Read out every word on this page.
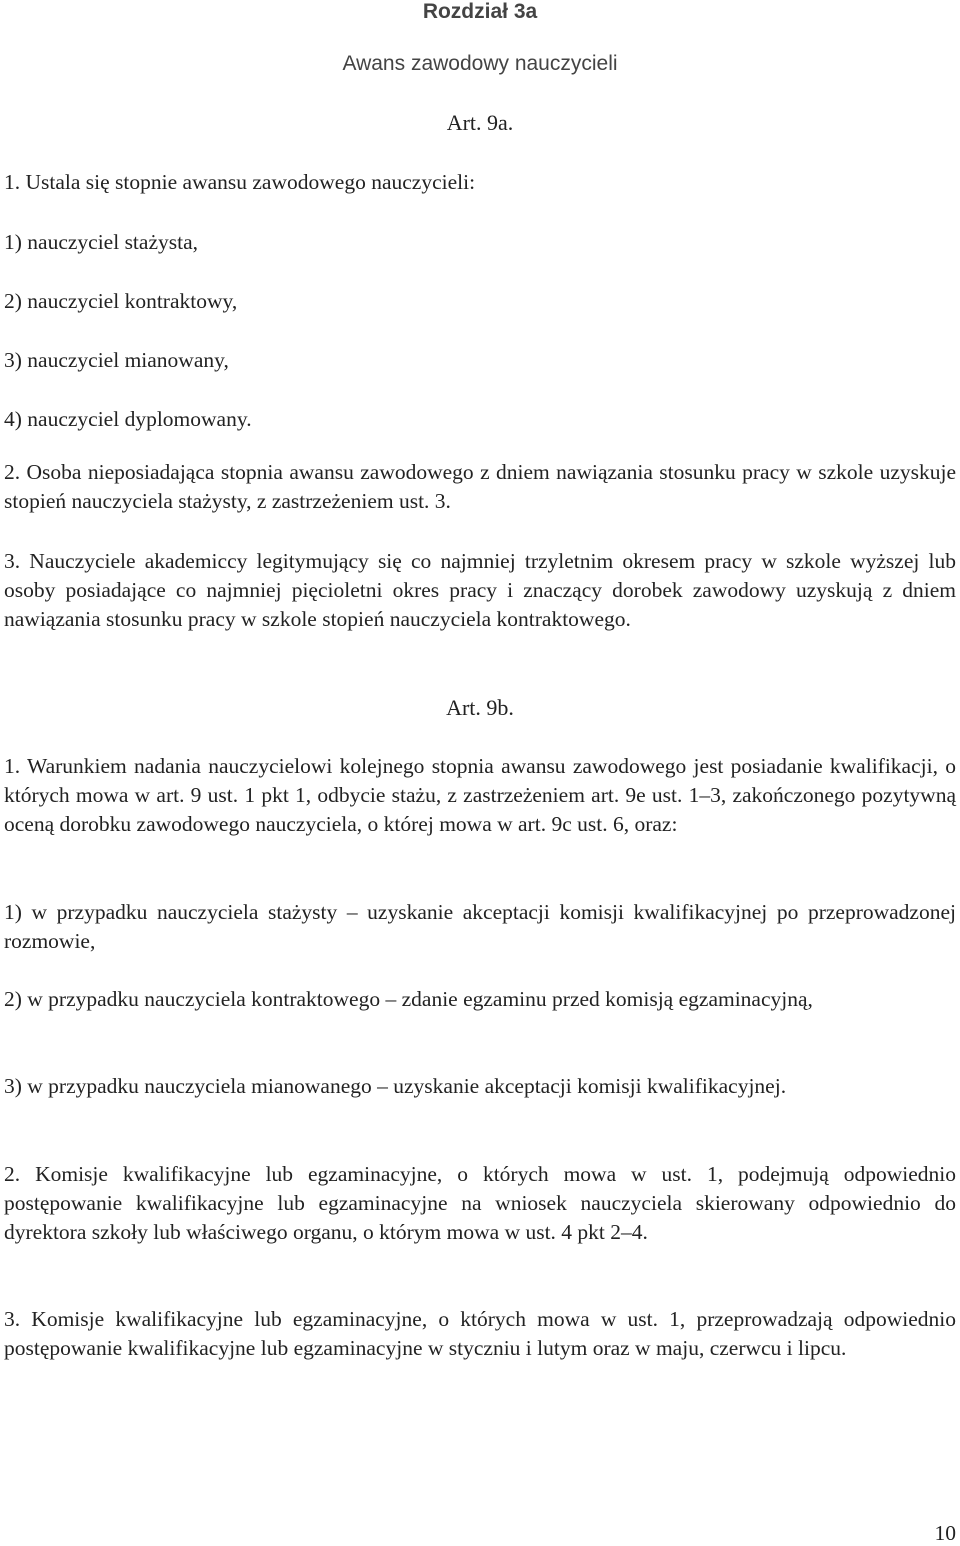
Rozdział 3a
Awans zawodowy nauczycieli
Art. 9a.
1. Ustala się stopnie awansu zawodowego nauczycieli:
1) nauczyciel stażysta,
2) nauczyciel kontraktowy,
3) nauczyciel mianowany,
4) nauczyciel dyplomowany.
2. Osoba nieposiadająca stopnia awansu zawodowego z dniem nawiązania stosunku pracy w szkole uzyskuje stopień nauczyciela stażysty, z zastrzeżeniem ust. 3.
3. Nauczyciele akademiccy legitymujący się co najmniej trzyletnim okresem pracy w szkole wyższej lub osoby posiadające co najmniej pięcioletni okres pracy i znaczący dorobek zawodowy uzyskują z dniem nawiązania stosunku pracy w szkole stopień nauczyciela kontraktowego.
Art. 9b.
1. Warunkiem nadania nauczycielowi kolejnego stopnia awansu zawodowego jest posiadanie kwalifikacji, o których mowa w art. 9 ust. 1 pkt 1, odbycie stażu, z zastrzeżeniem art. 9e ust. 1–3, zakończonego pozytywną oceną dorobku zawodowego nauczyciela, o której mowa w art. 9c ust. 6, oraz:
1) w przypadku nauczyciela stażysty – uzyskanie akceptacji komisji kwalifikacyjnej po przeprowadzonej rozmowie,
2) w przypadku nauczyciela kontraktowego – zdanie egzaminu przed komisją egzaminacyjną,
3) w przypadku nauczyciela mianowanego – uzyskanie akceptacji komisji kwalifikacyjnej.
2. Komisje kwalifikacyjne lub egzaminacyjne, o których mowa w ust. 1, podejmują odpowiednio postępowanie kwalifikacyjne lub egzaminacyjne na wniosek nauczyciela skierowany odpowiednio do dyrektora szkoły lub właściwego organu, o którym mowa w ust. 4 pkt 2–4.
3. Komisje kwalifikacyjne lub egzaminacyjne, o których mowa w ust. 1, przeprowadzają odpowiednio postępowanie kwalifikacyjne lub egzaminacyjne w styczniu i lutym oraz w maju, czerwcu i lipcu.
10
